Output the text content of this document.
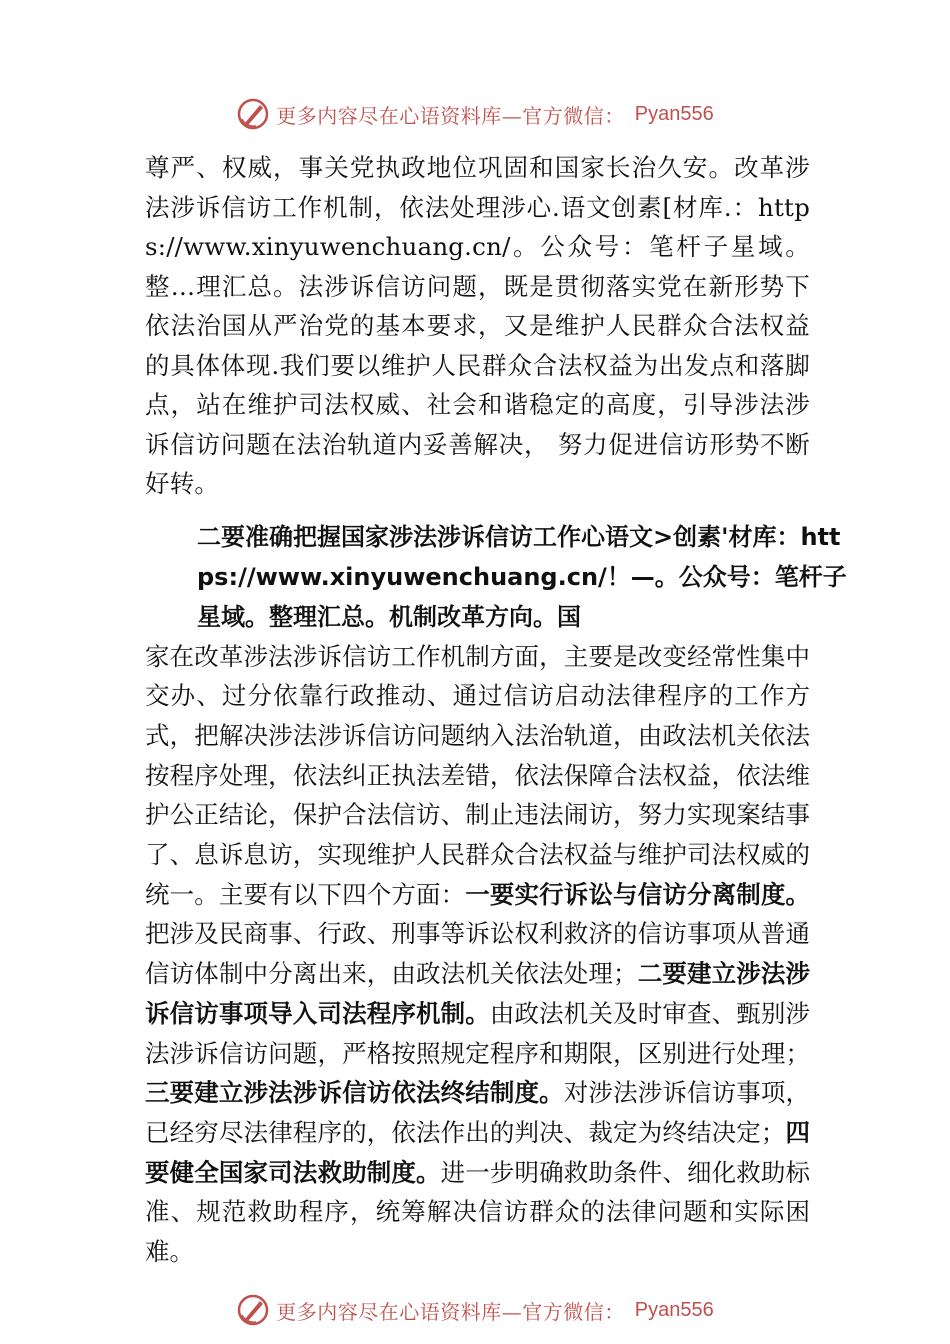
更多内容尽在心语资料库—官方微信： Pyan556

尊严、权威，事关党执政地位巩固和国家长治久安。改革涉法涉诉信访工作机制，依法处理涉心.语文创素[材库.：https://www.xinyuwenchuang.cn/。公众号：笔杆子星域。整…理汇总。法涉诉信访问题，既是贯彻落实党在新形势下依法治国从严治党的基本要求，又是维护人民群众合法权益的具体体现.我们要以维护人民群众合法权益为出发点和落脚点，站在维护司法权威、社会和谐稳定的高度，引导涉法涉诉信访问题在法治轨道内妥善解决， 努力促进信访形势不断好转。

二要准确把握国家涉法涉诉信访工作心语文>创素'材库：https://www.xinyuwenchuang.cn/！—。公众号：笔杆子星域。整理汇总。机制改革方向。国

家在改革涉法涉诉信访工作机制方面，主要是改变经常性集中交办、过分依靠行政推动、通过信访启动法律程序的工作方式，把解决涉法涉诉信访问题纳入法治轨道，由政法机关依法按程序处理，依法纠正执法差错，依法保障合法权益，依法维护公正结论，保护合法信访、制止违法闹访，努力实现案结事了、息诉息访，实现维护人民群众合法权益与维护司法权威的统一。主要有以下四个方面：一要实行诉讼与信访分离制度。把涉及民商事、行政、刑事等诉讼权利救济的信访事项从普通信访体制中分离出来，由政法机关依法处理；二要建立涉法涉诉信访事项导入司法程序机制。由政法机关及时审查、甄别涉法涉诉信访问题，严格按照规定程序和期限，区别进行处理；三要建立涉法涉诉信访依法终结制度。对涉法涉诉信访事项，已经穷尽法律程序的，依法作出的判决、裁定为终结决定；四要健全国家司法救助制度。进一步明确救助条件、细化救助标准、规范救助程序，统筹解决信访群众的法律问题和实际困难。

更多内容尽在心语资料库—官方微信： Pyan556
